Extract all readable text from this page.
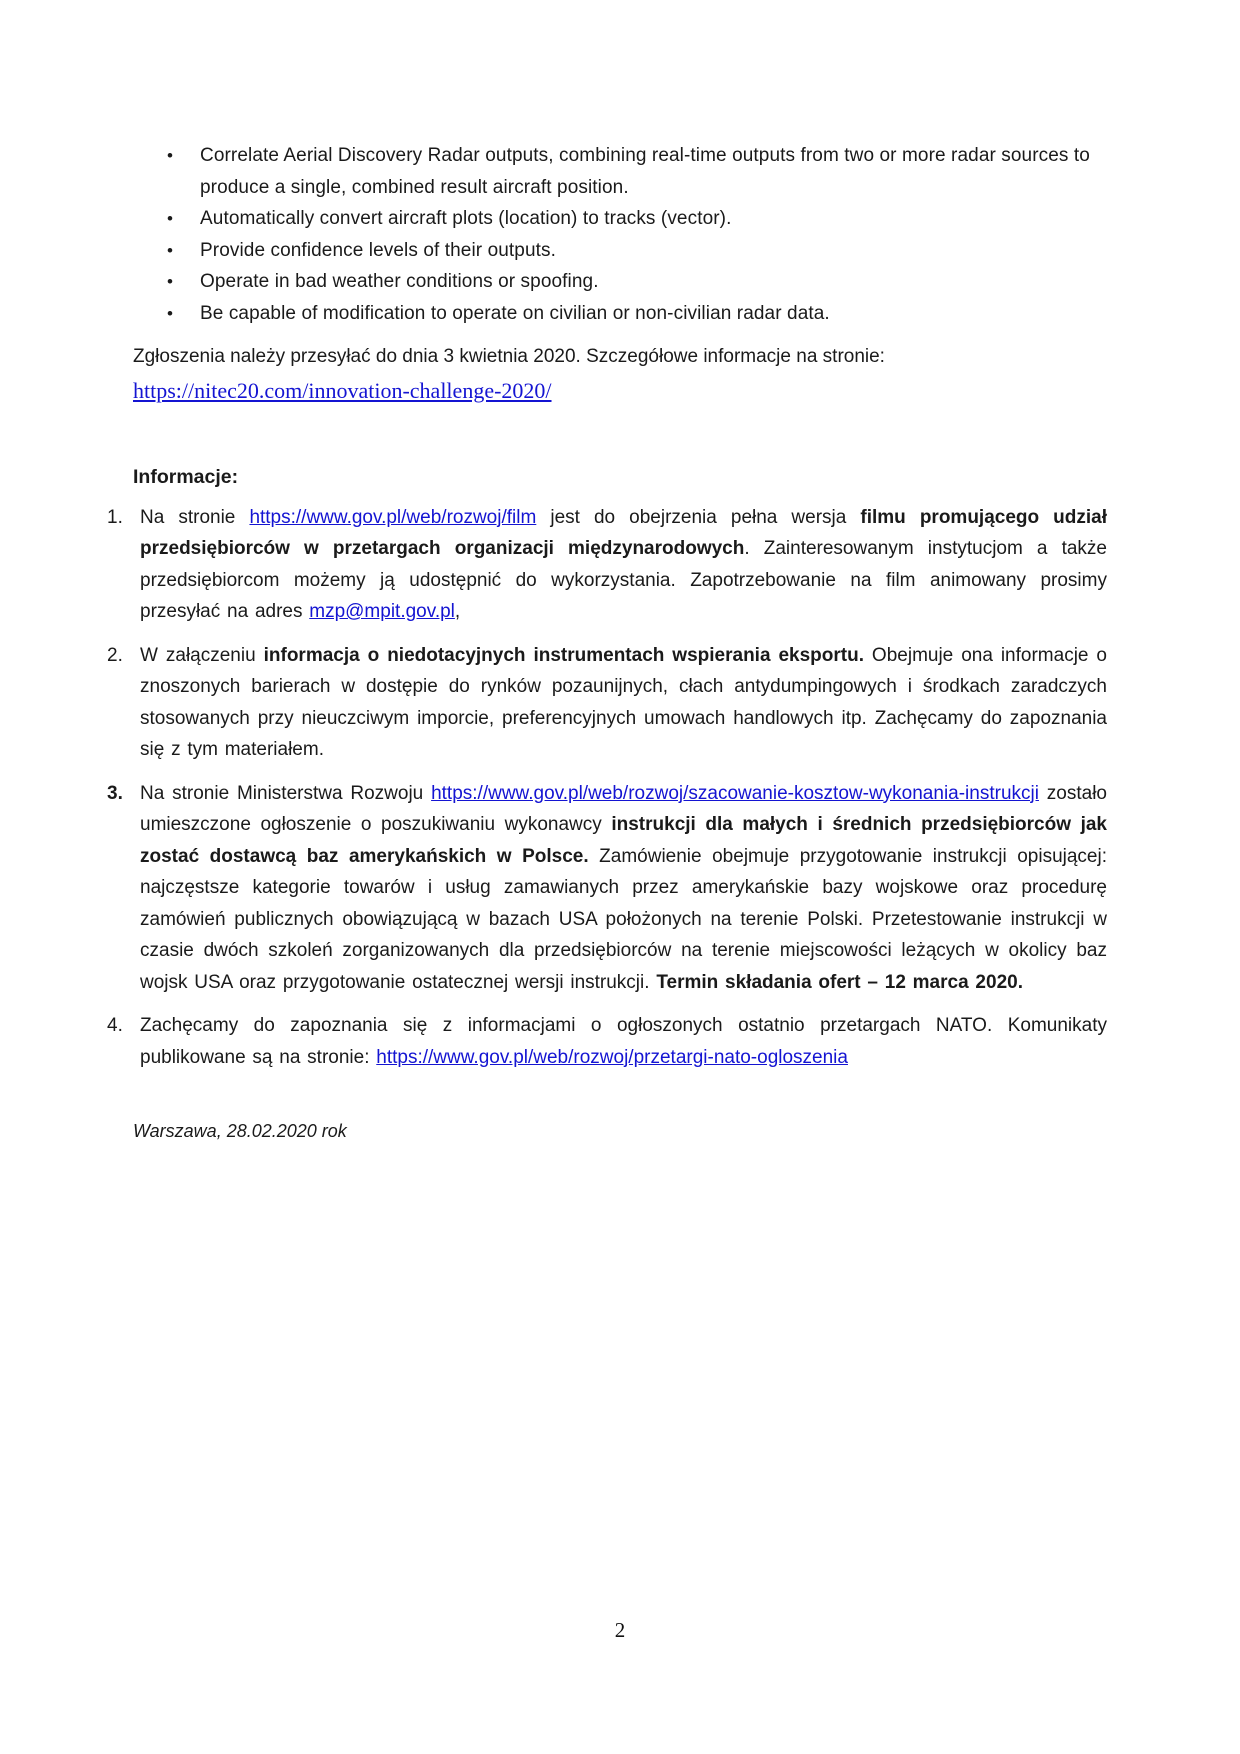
• Correlate Aerial Discovery Radar outputs, combining real-time outputs from two or more radar sources to produce a single, combined result aircraft position.
• Automatically convert aircraft plots (location) to tracks (vector).
• Provide confidence levels of their outputs.
• Operate in bad weather conditions or spoofing.
• Be capable of modification to operate on civilian or non-civilian radar data.

Zgłoszenia należy przesyłać do dnia 3 kwietnia 2020. Szczegółowe informacje na stronie:

https://nitec20.com/innovation-challenge-2020/
Informacje:
1. Na stronie https://www.gov.pl/web/rozwoj/film jest do obejrzenia pełna wersja filmu promującego udział przedsiębiorców w przetargach organizacji międzynarodowych. Zainteresowanym instytucjom a także przedsiębiorcom możemy ją udostępnić do wykorzystania. Zapotrzebowanie na film animowany prosimy przesyłać na adres mzp@mpit.gov.pl,
2. W załączeniu informacja o niedotacyjnych instrumentach wspierania eksportu. Obejmuje ona informacje o znoszonych barierach w dostępie do rynków pozaunijnych, cłach antydumpingowych i środkach zaradczych stosowanych przy nieuczciwym imporcie, preferencyjnych umowach handlowych itp. Zachęcamy do zapoznania się z tym materiałem.
3. Na stronie Ministerstwa Rozwoju https://www.gov.pl/web/rozwoj/szacowanie-kosztow-wykonania-instrukcji zostało umieszczone ogłoszenie o poszukiwaniu wykonawcy instrukcji dla małych i średnich przedsiębiorców jak zostać dostawcą baz amerykańskich w Polsce. Zamówienie obejmuje przygotowanie instrukcji opisującej: najczęstsze kategorie towarów i usług zamawianych przez amerykańskie bazy wojskowe oraz procedurę zamówień publicznych obowiązującą w bazach USA położonych na terenie Polski. Przetestowanie instrukcji w czasie dwóch szkoleń zorganizowanych dla przedsiębiorców na terenie miejscowości leżących w okolicy baz wojsk USA oraz przygotowanie ostatecznej wersji instrukcji. Termin składania ofert – 12 marca 2020.
4. Zachęcamy do zapoznania się z informacjami o ogłoszonych ostatnio przetargach NATO. Komunikaty publikowane są na stronie: https://www.gov.pl/web/rozwoj/przetargi-nato-ogloszenia

Warszawa, 28.02.2020 rok

2
